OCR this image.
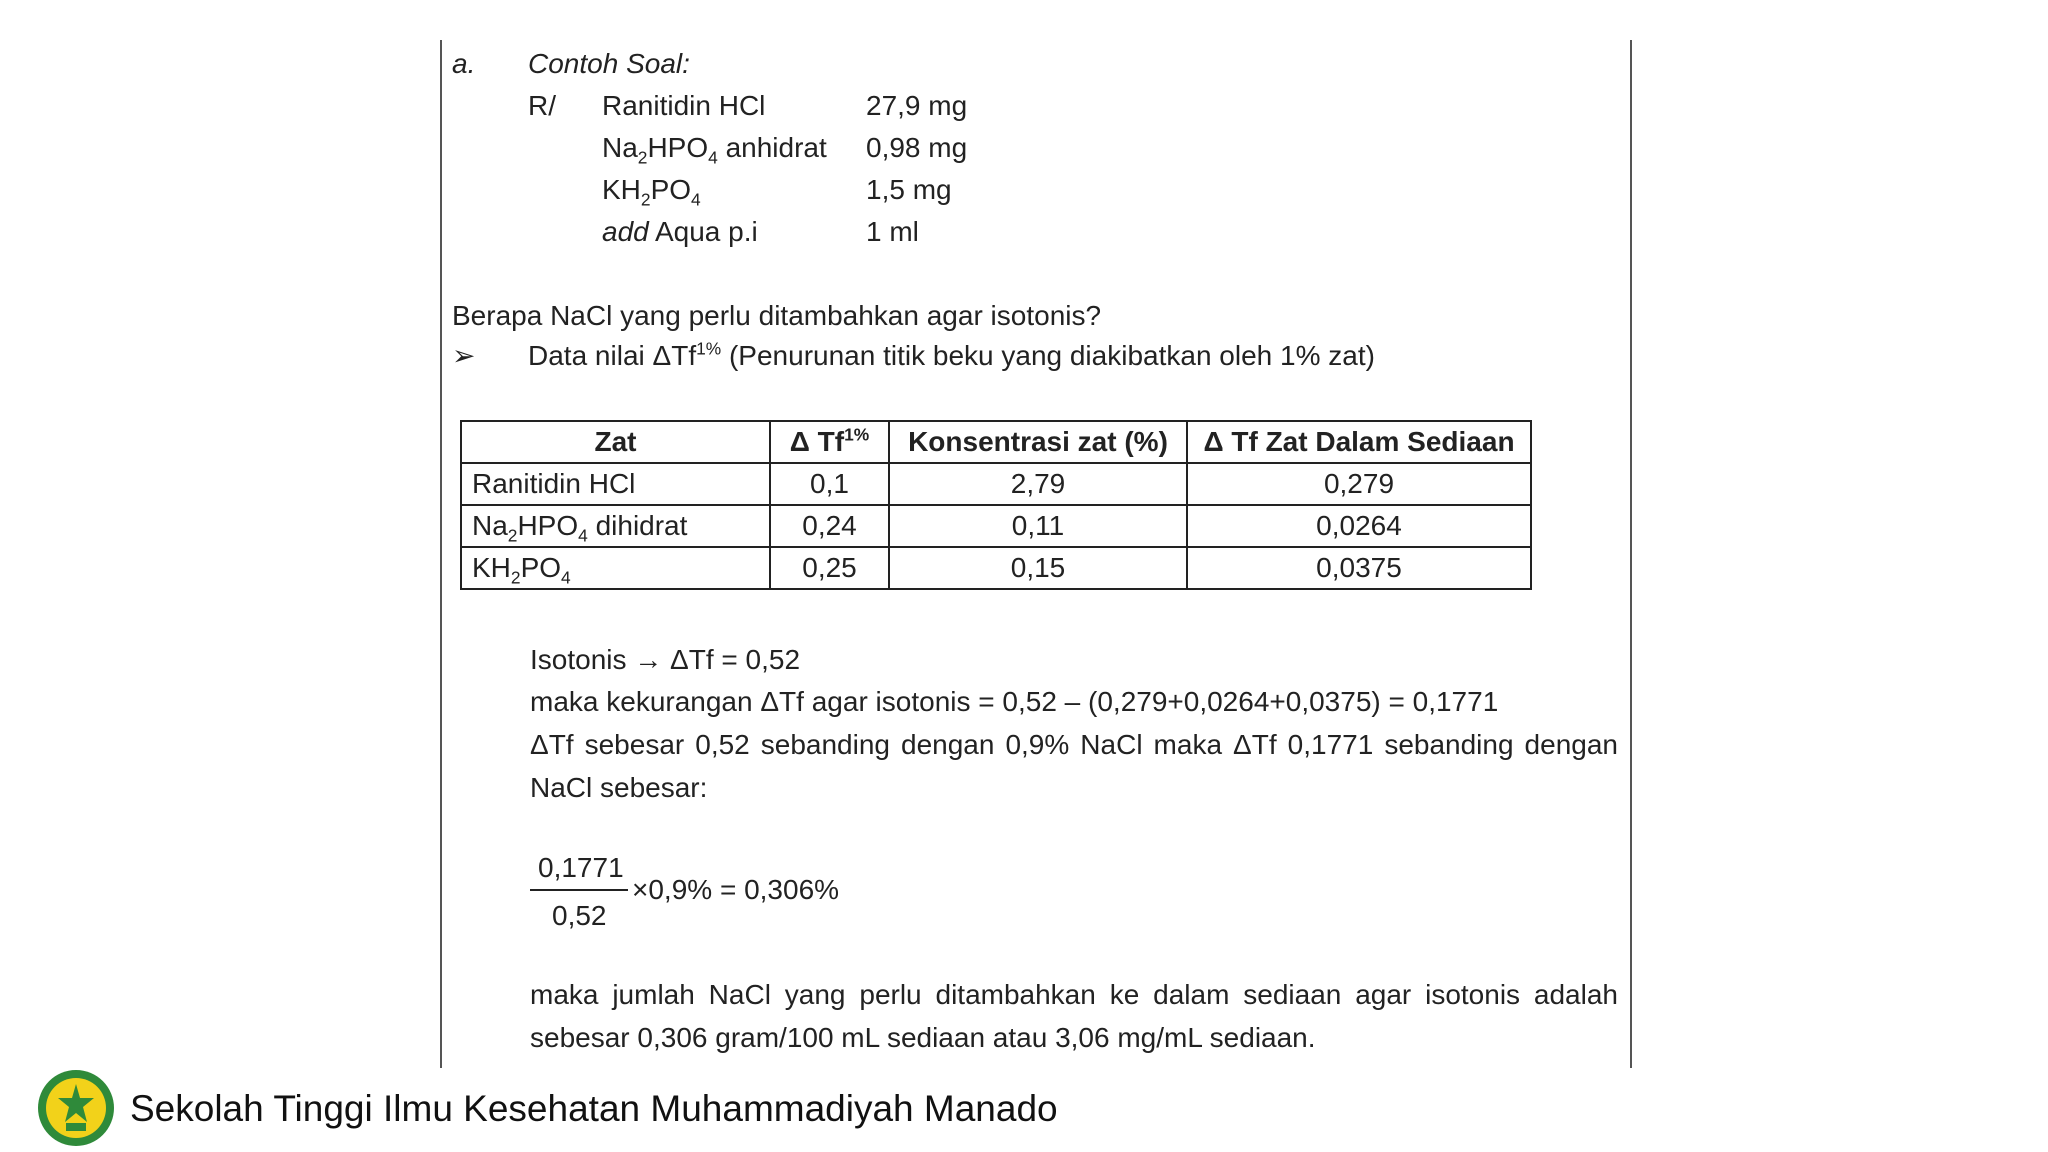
a. Contoh Soal:
R/ Ranitidin HCl	27,9 mg
$Na_2HPO_4$ anhidrat 0,98 mg
$KH_2PO_4$	1,5 mg
add Aqua p.i	1 ml
Berapa NaCl yang perlu ditambahkan agar isotonis?
➢ Data nilai ΔTf$^{1\%}$ (Penurunan titik beku yang diakibatkan oleh 1% zat)
Zat	Δ $Tf^{1\%}$	Konsentrasi zat (%)	Δ Tf Zat Dalam Sediaan
Ranitidin HCl	0,1	2,79	0,279
$Na_2HPO_4$ dihidrat	0,24	0,11	0,0264
$KH_2PO_4$	0,25	0,15	0,0375
Isotonis → ΔTf = 0,52
maka kekurangan ΔTf agar isotonis = 0,52 – (0,279+0,0264+0,0375) = 0,1771
ΔTf sebesar 0,52 sebanding dengan 0,9% NaCl maka ΔTf 0,1771 sebanding dengan NaCl sebesar:
0,1771
0,52
×0,9% = 0,306%
maka jumlah NaCl yang perlu ditambahkan ke dalam sediaan agar isotonis adalah sebesar 0,306 gram/100 mL sediaan atau 3,06 mg/mL sediaan.
Sekolah Tinggi Ilmu Kesehatan Muhammadiyah Manado
